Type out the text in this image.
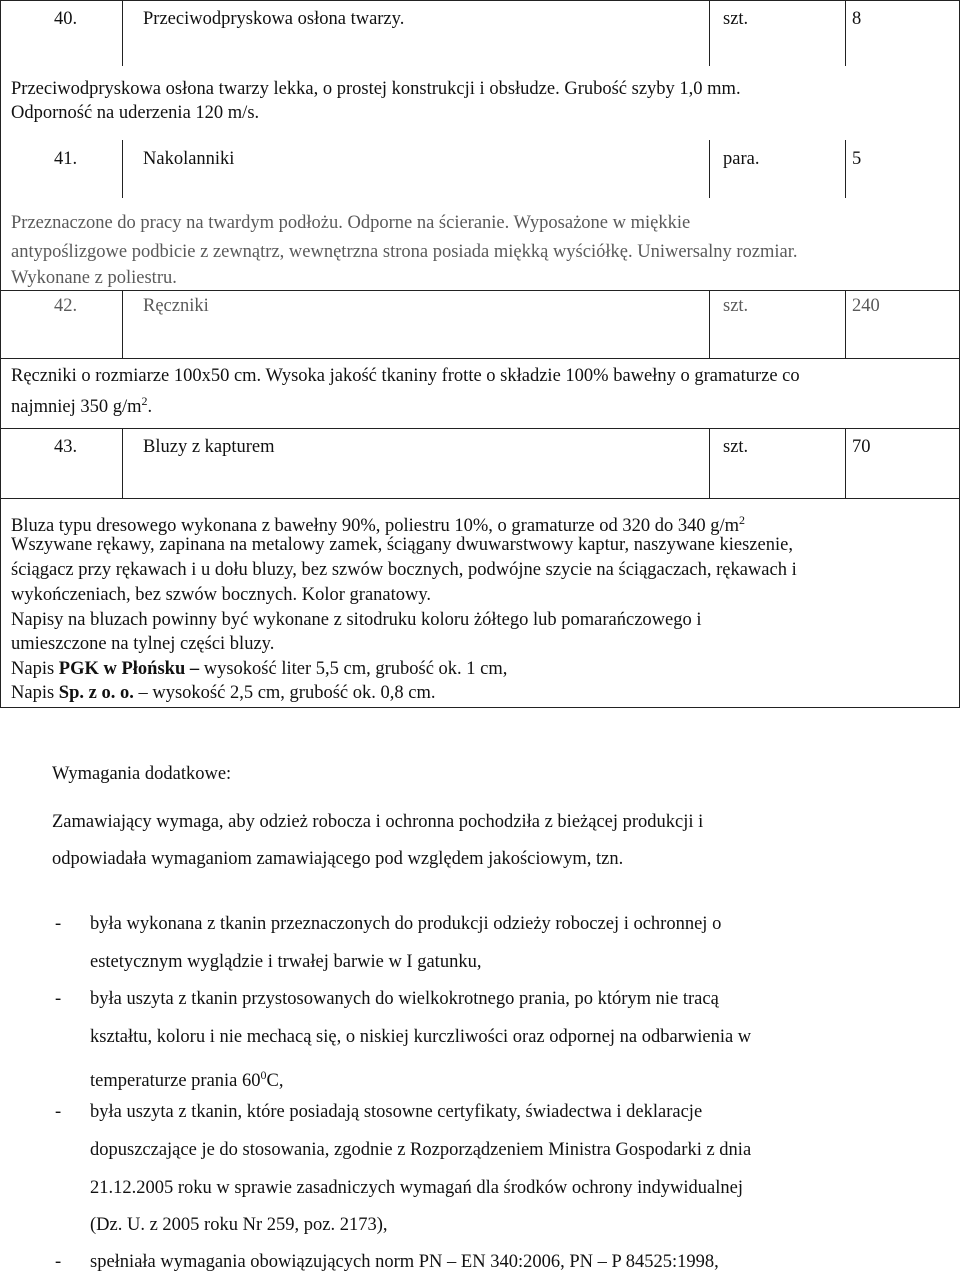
40.	Przeciwodpryskowa osłona twarzy.	szt.	8
Przeciwodpryskowa osłona twarzy lekka, o prostej konstrukcji i obsłudze. Grubość szyby 1,0 mm.
Odporność na uderzenia 120 m/s.
41.	Nakolanniki	para.	5
Przeznaczone do pracy na twardym podłożu. Odporne na ścieranie. Wyposażone w miękkie
antypoślizgowe podbicie z zewnątrz, wewnętrzna strona posiada miękką wyściółkę. Uniwersalny rozmiar.
Wykonane z poliestru.
42.	Ręczniki	szt.	240
Ręczniki o rozmiarze 100x50 cm. Wysoka jakość tkaniny frotte o składzie 100% bawełny o gramaturze co
najmniej 350 $g/m^2$.
43.	Bluzy z kapturem	szt.	70
Bluza typu dresowego wykonana z bawełny 90%, poliestru 10%, o gramaturze od 320 do 340 $g/m^2$
Wszywane rękawy, zapinana na metalowy zamek, ściągany dwuwarstwowy kaptur, naszywane kieszenie,
ściągacz przy rękawach i u dołu bluzy, bez szwów bocznych, podwójne szycie na ściągaczach, rękawach i
wykończeniach, bez szwów bocznych. Kolor granatowy.
Napisy na bluzach powinny być wykonane z sitodruku koloru żółtego lub pomarańczowego i
umieszczone na tylnej części bluzy.
Napis PGK w Płońsku – wysokość liter 5,5 cm, grubość ok. 1 cm,
Napis Sp. z o. o. – wysokość 2,5 cm, grubość ok. 0,8 cm.
Wymagania dodatkowe:
Zamawiający wymaga, aby odzież robocza i ochronna pochodziła z bieżącej produkcji i
odpowiadała wymaganiom zamawiającego pod względem jakościowym, tzn.
- była wykonana z tkanin przeznaczonych do produkcji odzieży roboczej i ochronnej o
estetycznym wyglądzie i trwałej barwie w I gatunku,
- była uszyta z tkanin przystosowanych do wielkokrotnego prania, po którym nie tracą
kształtu, koloru i nie mechacą się, o niskiej kurczliwości oraz odpornej na odbarwienia w
temperaturze prania $60^0C$,
- była uszyta z tkanin, które posiadają stosowne certyfikaty, świadectwa i deklaracje
dopuszczające je do stosowania, zgodnie z Rozporządzeniem Ministra Gospodarki z dnia
21.12.2005 roku w sprawie zasadniczych wymagań dla środków ochrony indywidualnej
(Dz. U. z 2005 roku Nr 259, poz. 2173),
- spełniała wymagania obowiązujących norm PN – EN 340:2006, PN – P 84525:1998,
